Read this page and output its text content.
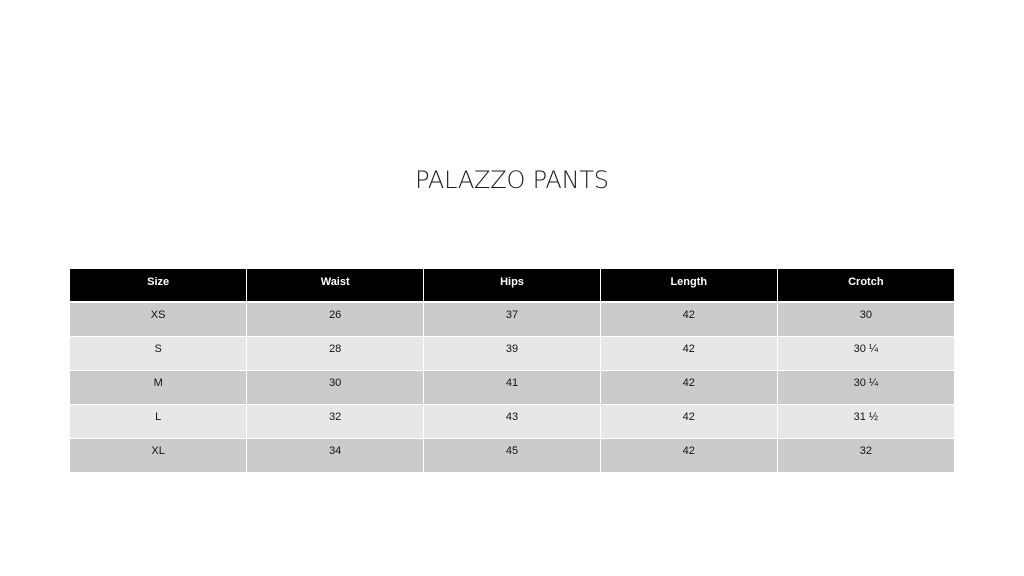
PALAZZO PANTS
Size	Waist	Hips	Length	Crotch
XS	26	37	42	30
S	28	39	42	30 ¼
M	30	41	42	30 ¼
L	32	43	42	31 ½
XL	34	45	42	32
